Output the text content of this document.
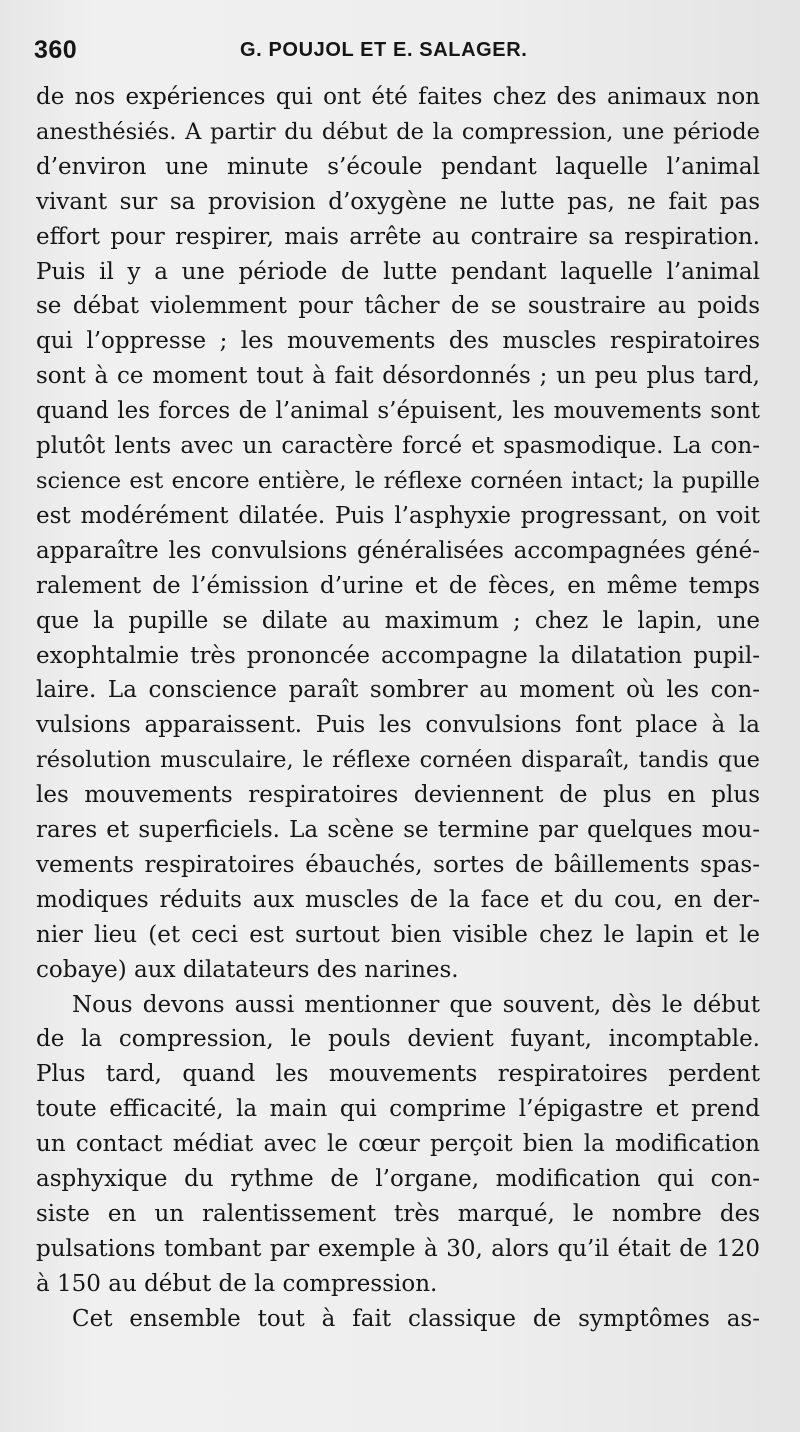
360	G. POUJOL ET E. SALAGER.
de nos expériences qui ont été faites chez des animaux non
anesthésiés. A partir du début de la compression, une période
d’environ une minute s’écoule pendant laquelle l’animal
vivant sur sa provision d’oxygène ne lutte pas, ne fait pas
effort pour respirer, mais arrête au contraire sa respiration.
Puis il y a une période de lutte pendant laquelle l’animal
se débat violemment pour tâcher de se soustraire au poids
qui l’oppresse ; les mouvements des muscles respiratoires
sont à ce moment tout à fait désordonnés ; un peu plus tard,
quand les forces de l’animal s’épuisent, les mouvements sont
plutôt lents avec un caractère forcé et spasmodique. La con-
science est encore entière, le réflexe cornéen intact; la pupille
est modérément dilatée. Puis l’asphyxie progressant, on voit
apparaître les convulsions généralisées accompagnées géné-
ralement de l’émission d’urine et de fèces, en même temps
que la pupille se dilate au maximum ; chez le lapin, une
exophtalmie très prononcée accompagne la dilatation pupil-
laire. La conscience paraît sombrer au moment où les con-
vulsions apparaissent. Puis les convulsions font place à la
résolution musculaire, le réflexe cornéen disparaît, tandis que
les mouvements respiratoires deviennent de plus en plus
rares et superficiels. La scène se termine par quelques mou-
vements respiratoires ébauchés, sortes de bâillements spas-
modiques réduits aux muscles de la face et du cou, en der-
nier lieu (et ceci est surtout bien visible chez le lapin et le
cobaye) aux dilatateurs des narines.
Nous devons aussi mentionner que souvent, dès le début
de la compression, le pouls devient fuyant, incomptable.
Plus tard, quand les mouvements respiratoires perdent
toute efficacité, la main qui comprime l’épigastre et prend
un contact médiat avec le cœur perçoit bien la modification
asphyxique du rythme de l’organe, modification qui con-
siste en un ralentissement très marqué, le nombre des
pulsations tombant par exemple à 30, alors qu’il était de 120
à 150 au début de la compression.
Cet ensemble tout à fait classique de symptômes as-
